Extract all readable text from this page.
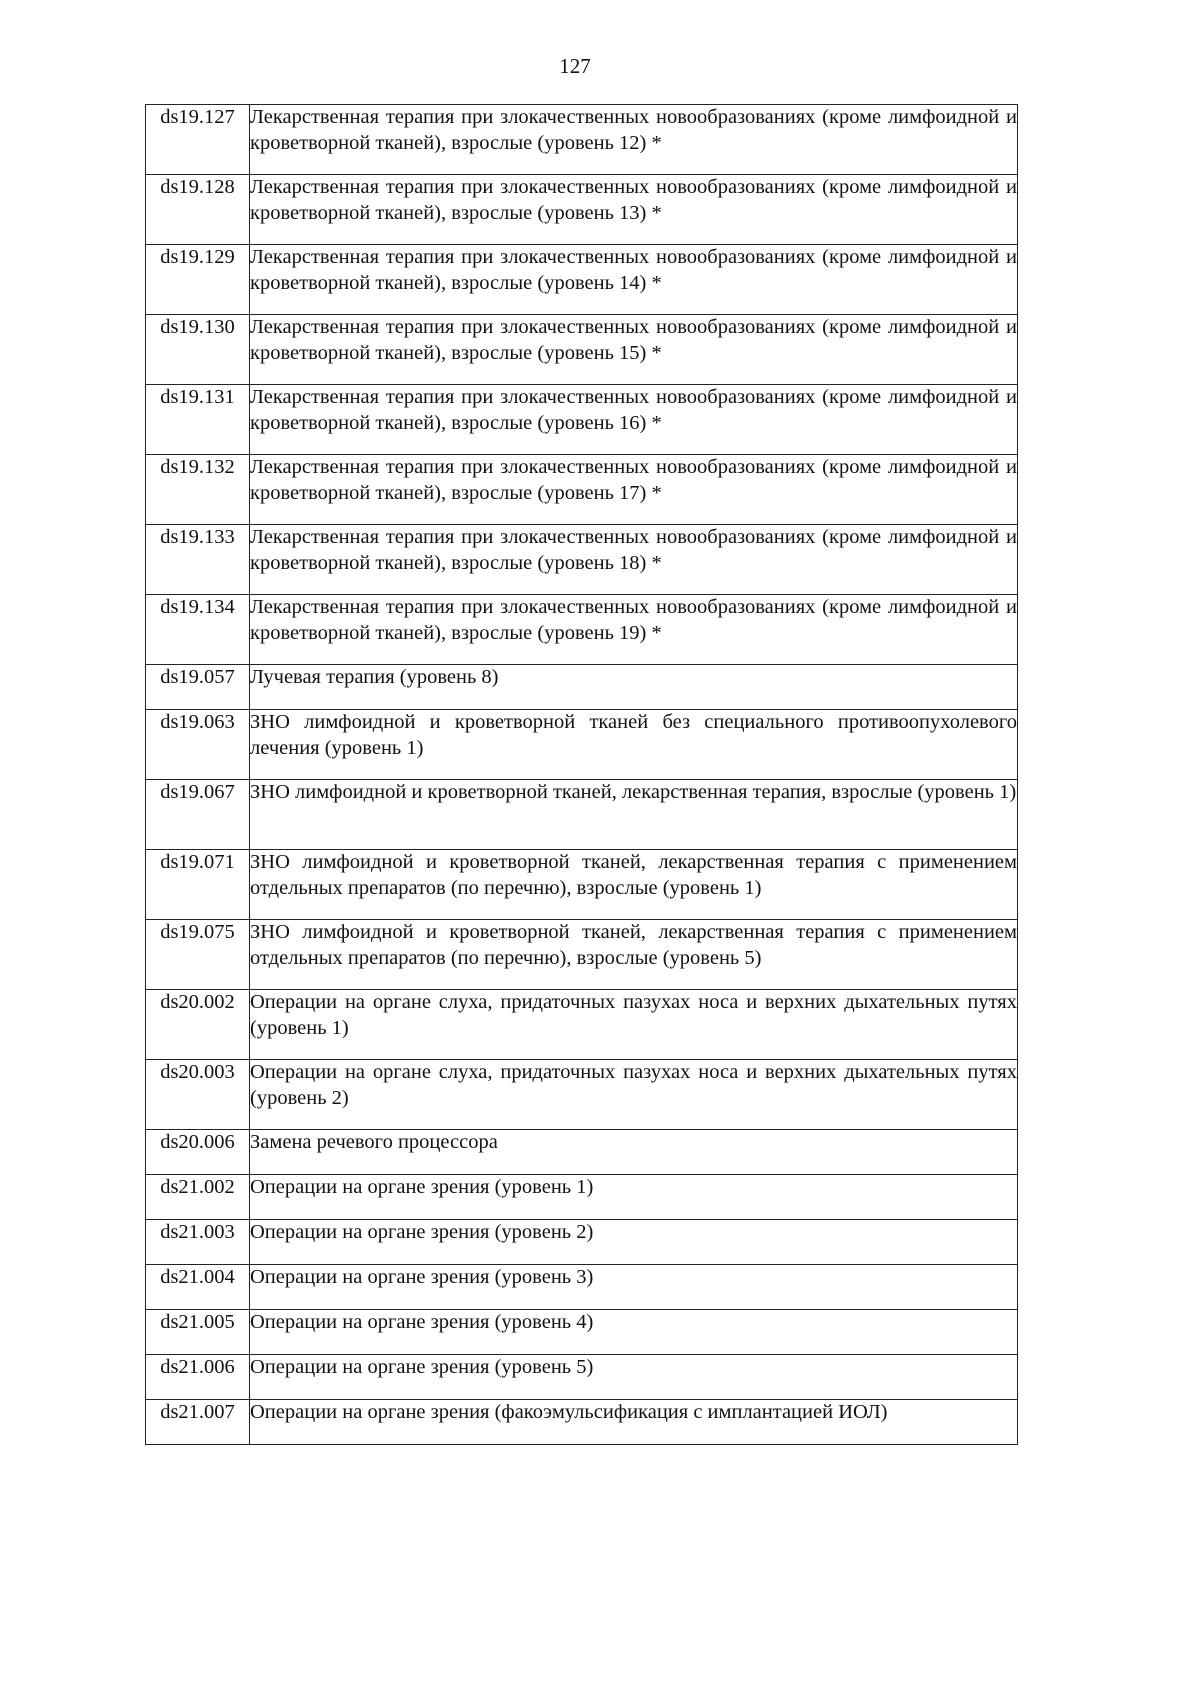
127
ds19.127	Лекарственная терапия при злокачественных новообразованиях (кроме лимфоидной и кроветворной тканей), взрослые (уровень 12) *
ds19.128	Лекарственная терапия при злокачественных новообразованиях (кроме лимфоидной и кроветворной тканей), взрослые (уровень 13) *
ds19.129	Лекарственная терапия при злокачественных новообразованиях (кроме лимфоидной и кроветворной тканей), взрослые (уровень 14) *
ds19.130	Лекарственная терапия при злокачественных новообразованиях (кроме лимфоидной и кроветворной тканей), взрослые (уровень 15) *
ds19.131	Лекарственная терапия при злокачественных новообразованиях (кроме лимфоидной и кроветворной тканей), взрослые (уровень 16) *
ds19.132	Лекарственная терапия при злокачественных новообразованиях (кроме лимфоидной и кроветворной тканей), взрослые (уровень 17) *
ds19.133	Лекарственная терапия при злокачественных новообразованиях (кроме лимфоидной и кроветворной тканей), взрослые (уровень 18) *
ds19.134	Лекарственная терапия при злокачественных новообразованиях (кроме лимфоидной и кроветворной тканей), взрослые (уровень 19) *
ds19.057	Лучевая терапия (уровень 8)
ds19.063	ЗНО лимфоидной и кроветворной тканей без специального противоопухолевого лечения (уровень 1)
ds19.067	ЗНО лимфоидной и кроветворной тканей, лекарственная терапия, взрослые (уровень 1)
ds19.071	ЗНО лимфоидной и кроветворной тканей, лекарственная терапия с применением отдельных препаратов (по перечню), взрослые (уровень 1)
ds19.075	ЗНО лимфоидной и кроветворной тканей, лекарственная терапия с применением отдельных препаратов (по перечню), взрослые (уровень 5)
ds20.002	Операции на органе слуха, придаточных пазухах носа и верхних дыхательных путях (уровень 1)
ds20.003	Операции на органе слуха, придаточных пазухах носа и верхних дыхательных путях (уровень 2)
ds20.006	Замена речевого процессора
ds21.002	Операции на органе зрения (уровень 1)
ds21.003	Операции на органе зрения (уровень 2)
ds21.004	Операции на органе зрения (уровень 3)
ds21.005	Операции на органе зрения (уровень 4)
ds21.006	Операции на органе зрения (уровень 5)
ds21.007	Операции на органе зрения (факоэмульсификация с имплантацией ИОЛ)
